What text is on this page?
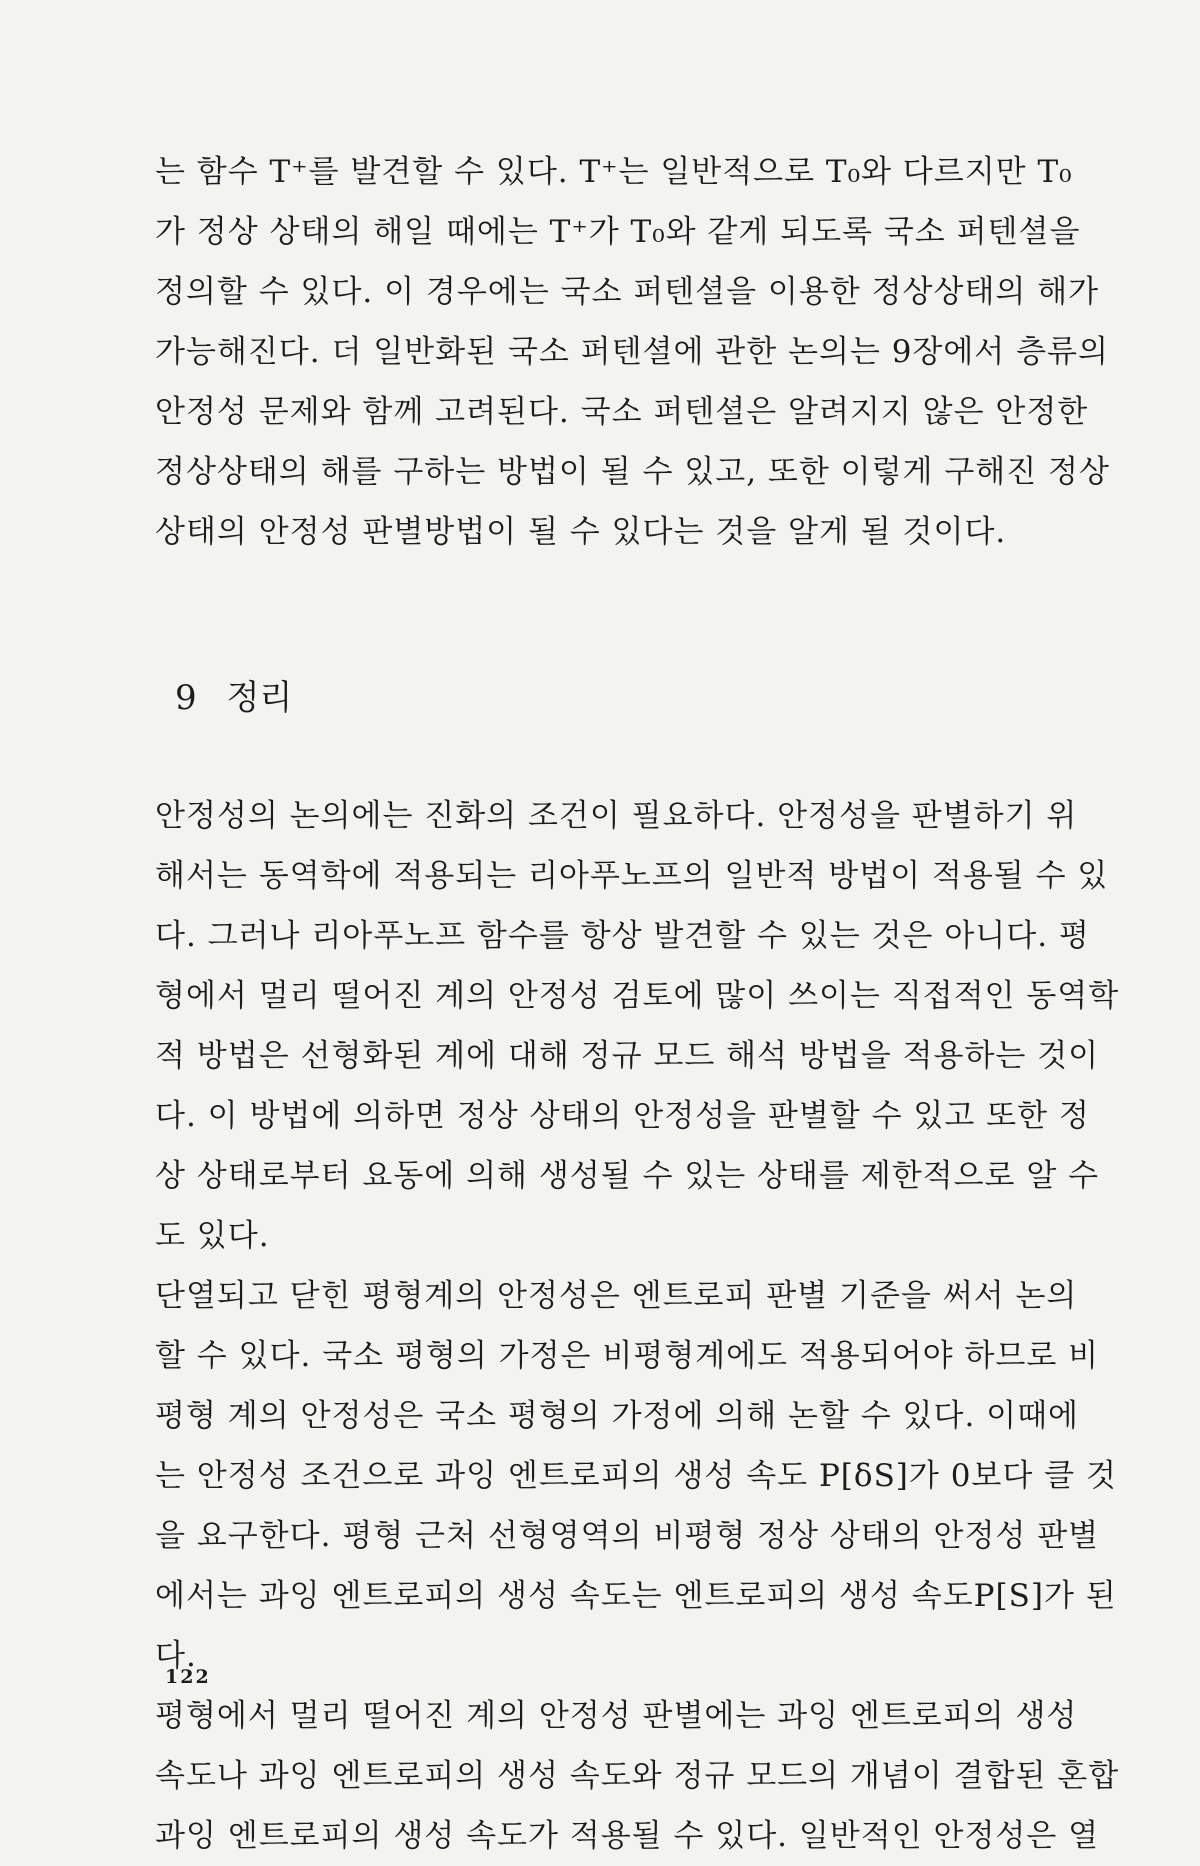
는 함수 T⁺를 발견할 수 있다. T⁺는 일반적으로 T₀와 다르지만 T₀
가 정상 상태의 해일 때에는 T⁺가 T₀와 같게 되도록 국소 퍼텐셜을
정의할 수 있다. 이 경우에는 국소 퍼텐셜을 이용한 정상상태의 해가
가능해진다. 더 일반화된 국소 퍼텐셜에 관한 논의는 9장에서 층류의
안정성 문제와 함께 고려된다. 국소 퍼텐셜은 알려지지 않은 안정한
정상상태의 해를 구하는 방법이 될 수 있고, 또한 이렇게 구해진 정상
상태의 안정성 판별방법이 될 수 있다는 것을 알게 될 것이다.
9 정리
안정성의 논의에는 진화의 조건이 필요하다. 안정성을 판별하기 위
해서는 동역학에 적용되는 리아푸노프의 일반적 방법이 적용될 수 있
다. 그러나 리아푸노프 함수를 항상 발견할 수 있는 것은 아니다. 평
형에서 멀리 떨어진 계의 안정성 검토에 많이 쓰이는 직접적인 동역학
적 방법은 선형화된 계에 대해 정규 모드 해석 방법을 적용하는 것이
다. 이 방법에 의하면 정상 상태의 안정성을 판별할 수 있고 또한 정
상 상태로부터 요동에 의해 생성될 수 있는 상태를 제한적으로 알 수
도 있다.
단열되고 닫힌 평형계의 안정성은 엔트로피 판별 기준을 써서 논의
할 수 있다. 국소 평형의 가정은 비평형계에도 적용되어야 하므로 비
평형 계의 안정성은 국소 평형의 가정에 의해 논할 수 있다. 이때에
는 안정성 조건으로 과잉 엔트로피의 생성 속도 P[δS]가 0보다 클 것
을 요구한다. 평형 근처 선형영역의 비평형 정상 상태의 안정성 판별
에서는 과잉 엔트로피의 생성 속도는 엔트로피의 생성 속도P[S]가 된
다.
평형에서 멀리 떨어진 계의 안정성 판별에는 과잉 엔트로피의 생성
속도나 과잉 엔트로피의 생성 속도와 정규 모드의 개념이 결합된 혼합
과잉 엔트로피의 생성 속도가 적용될 수 있다. 일반적인 안정성은 열
122
